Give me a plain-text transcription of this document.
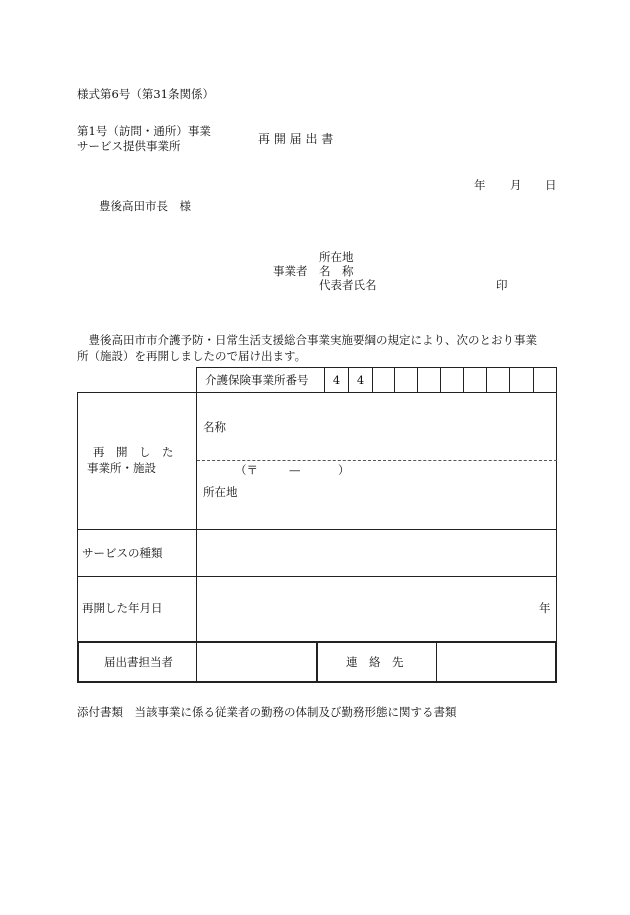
様式第6号（第31条関係）
第1号（訪問・通所）事業
サービス提供事業所	再 開 届 出 書
年 月 日
豊後高田市長　様
所在地
事業者 名　称
代表者氏名	印
　豊後高田市市介護予防・日常生活支援総合事業実施要綱の規定により、次のとおり事業
所（施設）を再開しましたので届け出ます。
介護保険事業所番号	4	4
再　開　し　た
事業所・施設
名称
（〒	—	）
所在地
サービスの種類
再開した年月日	年
届出書担当者	連　絡　先
添付書類　当該事業に係る従業者の勤務の体制及び勤務形態に関する書類
